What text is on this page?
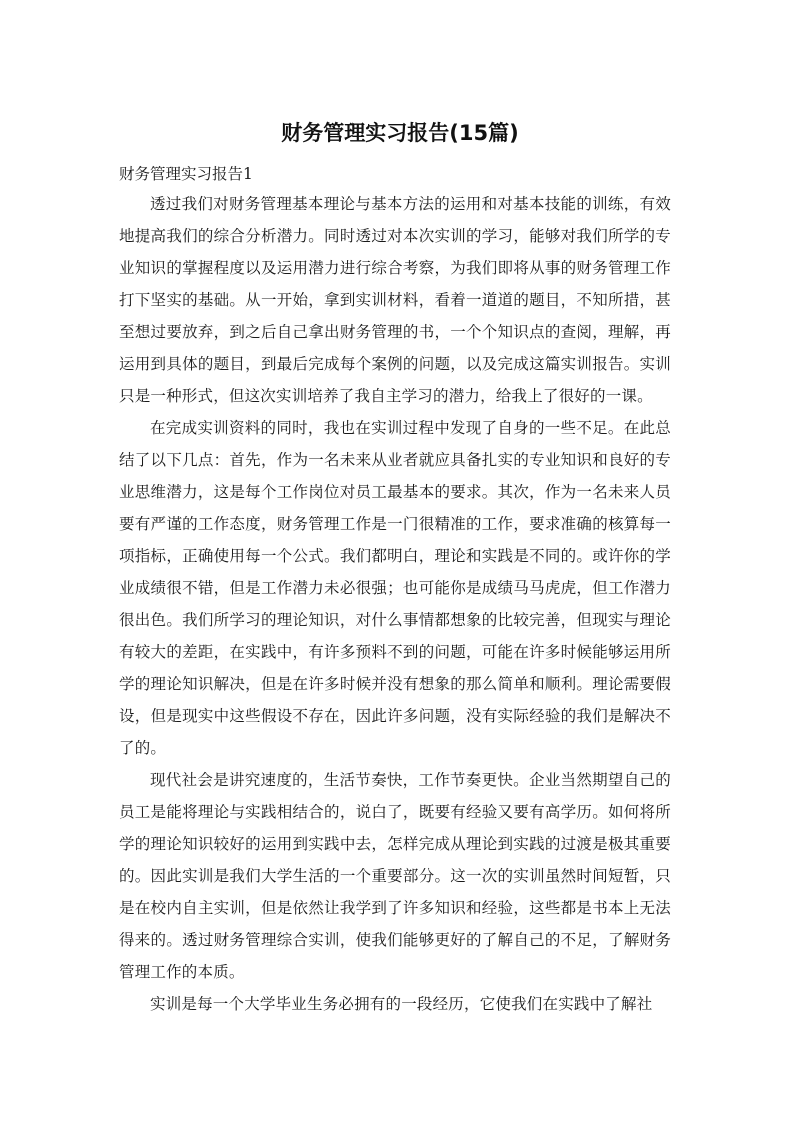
财务管理实习报告(15篇)

财务管理实习报告1

透过我们对财务管理基本理论与基本方法的运用和对基本技能的训练，有效地提高我们的综合分析潜力。同时透过对本次实训的学习，能够对我们所学的专业知识的掌握程度以及运用潜力进行综合考察，为我们即将从事的财务管理工作打下坚实的基础。从一开始，拿到实训材料，看着一道道的题目，不知所措，甚至想过要放弃，到之后自己拿出财务管理的书，一个个知识点的查阅，理解，再运用到具体的题目，到最后完成每个案例的问题，以及完成这篇实训报告。实训只是一种形式，但这次实训培养了我自主学习的潜力，给我上了很好的一课。

在完成实训资料的同时，我也在实训过程中发现了自身的一些不足。在此总结了以下几点：首先，作为一名未来从业者就应具备扎实的专业知识和良好的专业思维潜力，这是每个工作岗位对员工最基本的要求。其次，作为一名未来人员要有严谨的工作态度，财务管理工作是一门很精准的工作，要求准确的核算每一项指标，正确使用每一个公式。我们都明白，理论和实践是不同的。或许你的学业成绩很不错，但是工作潜力未必很强；也可能你是成绩马马虎虎，但工作潜力很出色。我们所学习的理论知识，对什么事情都想象的比较完善，但现实与理论有较大的差距，在实践中，有许多预料不到的问题，可能在许多时候能够运用所学的理论知识解决，但是在许多时候并没有想象的那么简单和顺利。理论需要假设，但是现实中这些假设不存在，因此许多问题，没有实际经验的我们是解决不了的。

现代社会是讲究速度的，生活节奏快，工作节奏更快。企业当然期望自己的员工是能将理论与实践相结合的，说白了，既要有经验又要有高学历。如何将所学的理论知识较好的运用到实践中去，怎样完成从理论到实践的过渡是极其重要的。因此实训是我们大学生活的一个重要部分。这一次的实训虽然时间短暂，只是在校内自主实训，但是依然让我学到了许多知识和经验，这些都是书本上无法得来的。透过财务管理综合实训，使我们能够更好的了解自己的不足，了解财务管理工作的本质。

实训是每一个大学毕业生务必拥有的一段经历，它使我们在实践中了解社
